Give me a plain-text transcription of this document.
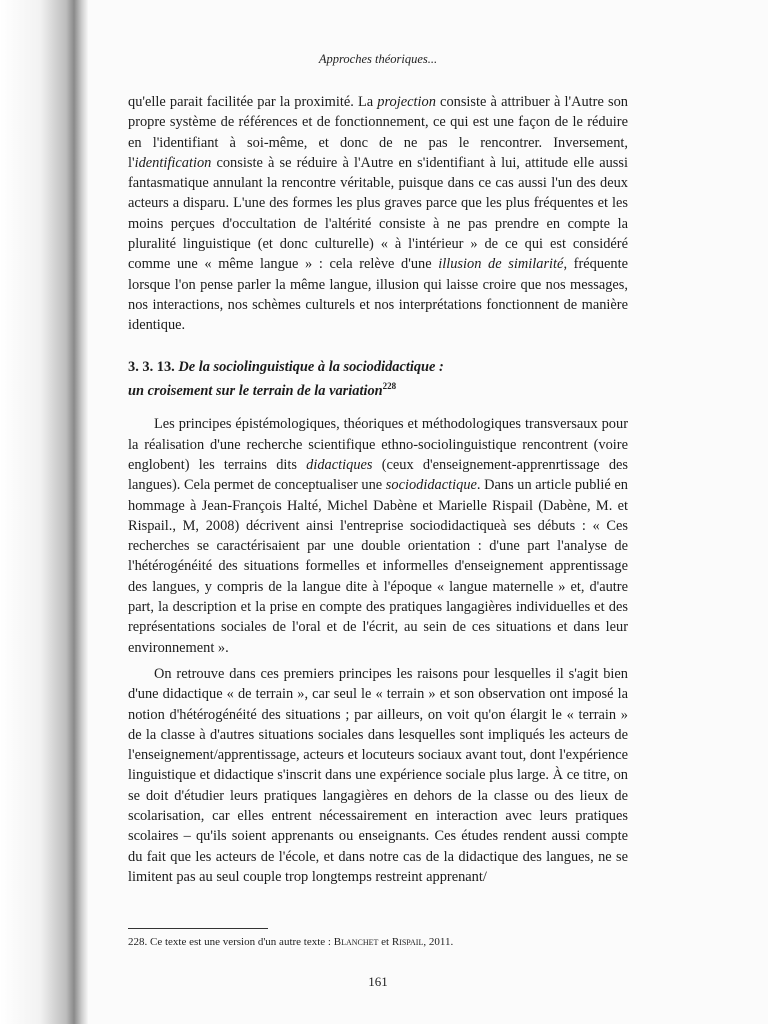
Approches théoriques...

qu'elle parait facilitée par la proximité. La projection consiste à attribuer à l'Autre son propre système de références et de fonctionnement, ce qui est une façon de le réduire en l'identifiant à soi-même, et donc de ne pas le rencontrer. Inversement, l'identification consiste à se réduire à l'Autre en s'identifiant à lui, attitude elle aussi fantasmatique annulant la rencontre véritable, puisque dans ce cas aussi l'un des deux acteurs a disparu. L'une des formes les plus graves parce que les plus fréquentes et les moins perçues d'occultation de l'altérité consiste à ne pas prendre en compte la pluralité linguistique (et donc culturelle) « à l'intérieur » de ce qui est considéré comme une « même langue » : cela relève d'une illusion de similarité, fréquente lorsque l'on pense parler la même langue, illusion qui laisse croire que nos messages, nos interactions, nos schèmes culturels et nos interprétations fonctionnent de manière identique.

3. 3. 13. De la sociolinguistique à la sociodidactique :
un croisement sur le terrain de la variation$^{228}$

Les principes épistémologiques, théoriques et méthodologiques transversaux pour la réalisation d'une recherche scientifique ethno-sociolinguistique rencontrent (voire englobent) les terrains dits didactiques (ceux d'enseignement-apprenrtissage des langues). Cela permet de conceptualiser une sociodidactique. Dans un article publié en hommage à Jean-François Halté, Michel Dabène et Marielle Rispail (Dabène, M. et Rispail., M, 2008) décrivent ainsi l'entreprise sociodidactiqueà ses débuts : « Ces recherches se caractérisaient par une double orientation : d'une part l'analyse de l'hétérogénéité des situations formelles et informelles d'enseignement apprentissage des langues, y compris de la langue dite à l'époque « langue maternelle » et, d'autre part, la description et la prise en compte des pratiques langagières individuelles et des représentations sociales de l'oral et de l'écrit, au sein de ces situations et dans leur environnement ».

On retrouve dans ces premiers principes les raisons pour lesquelles il s'agit bien d'une didactique « de terrain », car seul le « terrain » et son observation ont imposé la notion d'hétérogénéité des situations ; par ailleurs, on voit qu'on élargit le « terrain » de la classe à d'autres situations sociales dans lesquelles sont impliqués les acteurs de l'enseignement/apprentissage, acteurs et locuteurs sociaux avant tout, dont l'expérience linguistique et didactique s'inscrit dans une expérience sociale plus large. À ce titre, on se doit d'étudier leurs pratiques langagières en dehors de la classe ou des lieux de scolarisation, car elles entrent nécessairement en interaction avec leurs pratiques scolaires – qu'ils soient apprenants ou enseignants. Ces études rendent aussi compte du fait que les acteurs de l'école, et dans notre cas de la didactique des langues, ne se limitent pas au seul couple trop longtemps restreint apprenant/

228. Ce texte est une version d'un autre texte : Blanchet et Rispail, 2011.
161
